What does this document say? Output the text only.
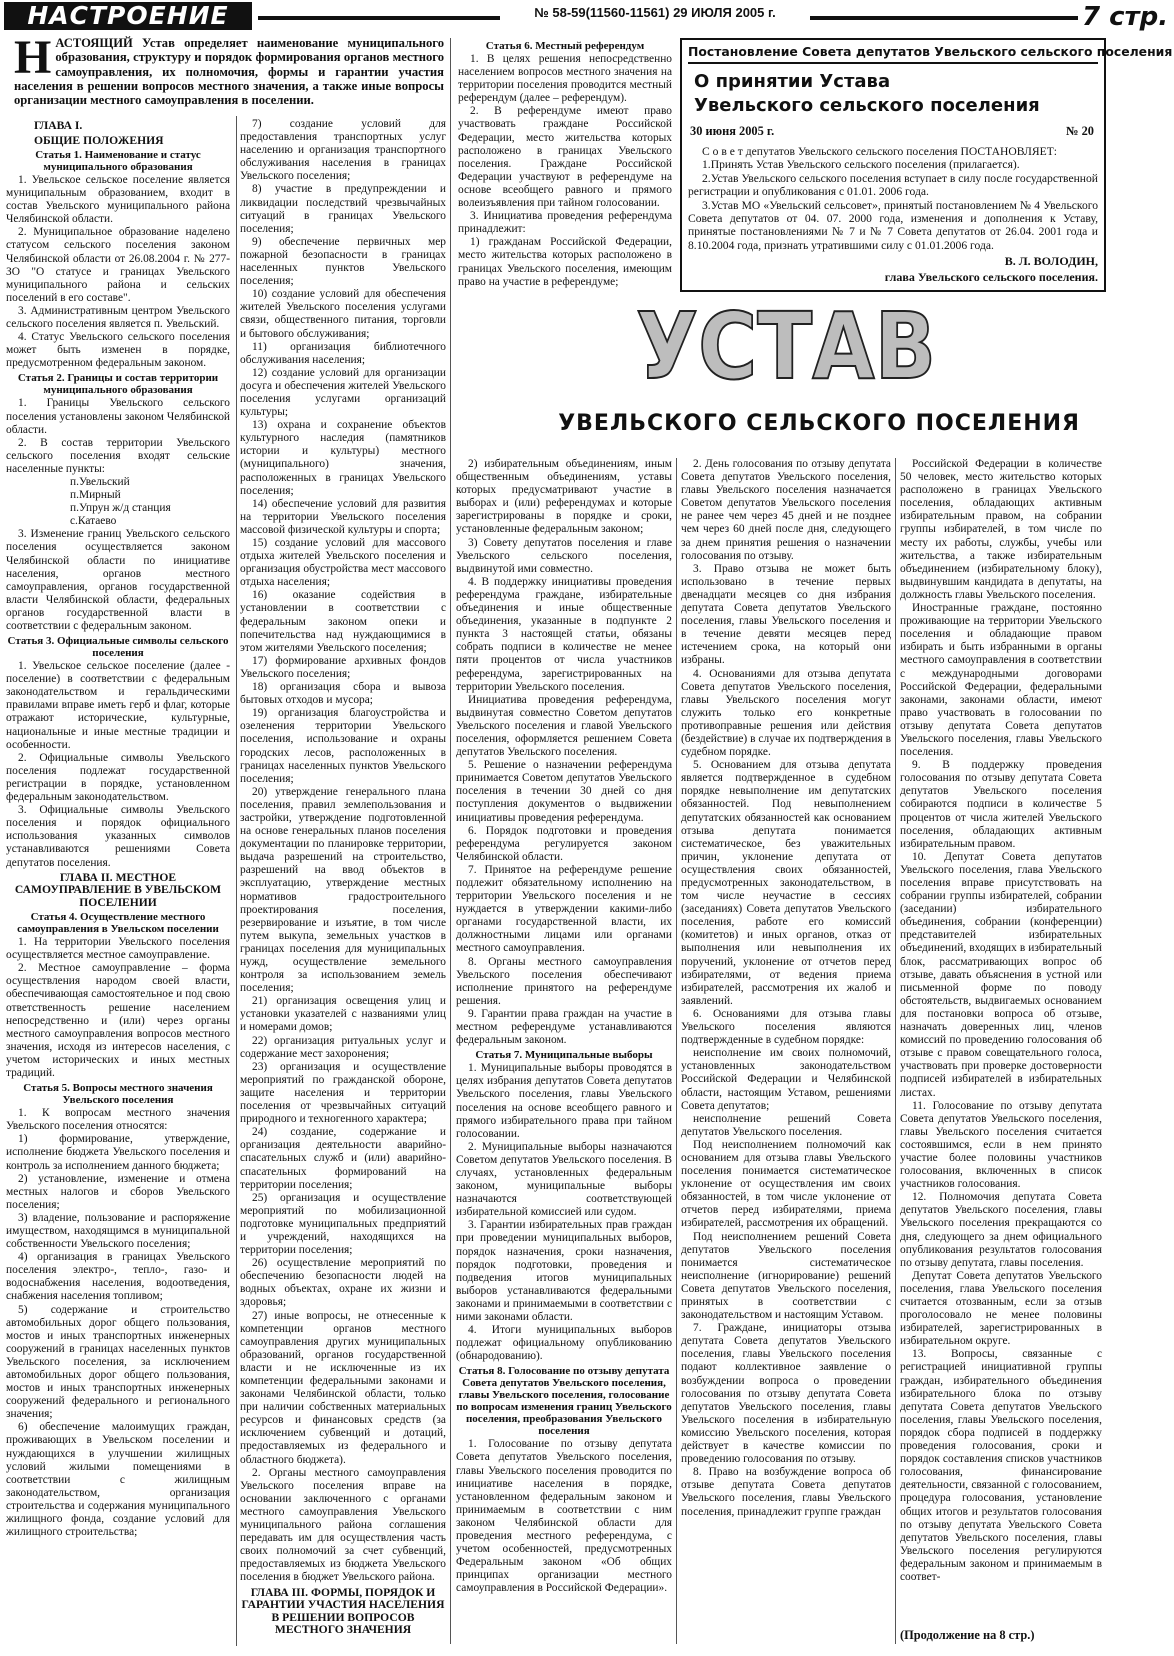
НАСТРОЕНИЕ	№ 58-59(11560-11561) 29 ИЮЛЯ 2005 г.	7 стр.
Н АСТОЯЩИЙ Устав определяет наименование муниципального образования, структуру и порядок формирования органов местного самоуправления, их полномочия, формы и гарантии участия населения в решении вопросов местного значения, а также иные вопросы организации местного самоуправления в поселении.
ГЛАВА I.
ОБЩИЕ ПОЛОЖЕНИЯ
Статья 1. Наименование и статус муниципального образования

1. Увельское сельское поселение является муниципальным образованием, входит в состав Увельского муниципального района Челябинской области.

2. Муниципальное образование наделено статусом сельского поселения законом Челябинской области от 26.08.2004 г. № 277-ЗО "О статусе и границах Увельского муниципального района и сельских поселений в его составе".

3. Административным центром Увельского сельского поселения является п. Увельский.

4. Статус Увельского сельского поселения может быть изменен в порядке, предусмотренном федеральным законом.

Статья 2. Границы и состав территории муниципального образования

1. Границы Увельского сельского поселения установлены законом Челябинской области.

2. В состав территории Увельского сельского поселения входят сельские населенные пункты:

п.Увельский

п.Мирный

п.Упрун ж/д станция

с.Катаево

3. Изменение границ Увельского сельского поселения осуществляется законом Челябинской области по инициативе населения, органов местного самоуправления, органов государственной власти Челябинской области, федеральных органов государственной власти в соответствии с федеральным законом.

Статья 3. Официальные символы сельского поселения

1. Увельское сельское поселение (далее - поселение) в соответствии с федеральным законодательством и геральдическими правилами вправе иметь герб и флаг, которые отражают исторические, культурные, национальные и иные местные традиции и особенности.

2. Официальные символы Увельского поселения подлежат государственной регистрации в порядке, установленном федеральным законодательством.

3. Официальные символы Увельского поселения и порядок официального использования указанных символов устанавливаются решениями Совета депутатов поселения.

ГЛАВА II. МЕСТНОЕ САМОУПРАВЛЕНИЕ В УВЕЛЬСКОМ ПОСЕЛЕНИИ
Статья 4. Осуществление местного самоуправления в Увельском поселении

1. На территории Увельского поселения осуществляется местное самоуправление.

2. Местное самоуправление – форма осуществления народом своей власти, обеспечивающая самостоятельное и под свою ответственность решение населением непосредственно и (или) через органы местного самоуправления вопросов местного значения, исходя из интересов населения, с учетом исторических и иных местных традиций.

Статья 5. Вопросы местного значения Увельского поселения

1. К вопросам местного значения Увельского поселения относятся:

1) формирование, утверждение, исполнение бюджета Увельского поселения и контроль за исполнением данного бюджета;

2) установление, изменение и отмена местных налогов и сборов Увельского поселения;

3) владение, пользование и распоряжение имуществом, находящимся в муниципальной собственности Увельского поселения;

4) организация в границах Увельского поселения электро-, тепло-, газо- и водоснабжения населения, водоотведения, снабжения населения топливом;

5) содержание и строительство автомобильных дорог общего пользования, мостов и иных транспортных инженерных сооружений в границах населенных пунктов Увельского поселения, за исключением автомобильных дорог общего пользования, мостов и иных транспортных инженерных сооружений федерального и регионального значения;

6) обеспечение малоимущих граждан, проживающих в Увельском поселении и нуждающихся в улучшении жилищных условий жилыми помещениями в соответствии с жилищным законодательством, организация строительства и содержания муниципального жилищного фонда, создание условий для жилищного строительства;

7) создание условий для предоставления транспортных услуг населению и организация транспортного обслуживания населения в границах Увельского поселения;

8) участие в предупреждении и ликвидации последствий чрезвычайных ситуаций в границах Увельского поселения;

9) обеспечение первичных мер пожарной безопасности в границах населенных пунктов Увельского поселения;

10) создание условий для обеспечения жителей Увельского поселения услугами связи, общественного питания, торговли и бытового обслуживания;

11) организация библиотечного обслуживания населения;

12) создание условий для организации досуга и обеспечения жителей Увельского поселения услугами организаций культуры;

13) охрана и сохранение объектов культурного наследия (памятников истории и культуры) местного (муниципального) значения, расположенных в границах Увельского поселения;

14) обеспечение условий для развития на территории Увельского поселения массовой физической культуры и спорта;

15) создание условий для массового отдыха жителей Увельского поселения и организация обустройства мест массового отдыха населения;

16) оказание содействия в установлении в соответствии с федеральным законом опеки и попечительства над нуждающимися в этом жителями Увельского поселения;

17) формирование архивных фондов Увельского поселения;

18) организация сбора и вывоза бытовых отходов и мусора;

19) организация благоустройства и озеленения территории Увельского поселения, использование и охраны городских лесов, расположенных в границах населенных пунктов Увельского поселения;

20) утверждение генерального плана поселения, правил землепользования и застройки, утверждение подготовленной на основе генеральных планов поселения документации по планировке территории, выдача разрешений на строительство, разрешений на ввод объектов в эксплуатацию, утверждение местных нормативов градостроительного проектирования поселения, резервирование и изъятие, в том числе путем выкупа, земельных участков в границах поселения для муниципальных нужд, осуществление земельного контроля за использованием земель поселения;

21) организация освещения улиц и установки указателей с названиями улиц и номерами домов;

22) организация ритуальных услуг и содержание мест захоронения;

23) организация и осуществление мероприятий по гражданской обороне, защите населения и территории поселения от чрезвычайных ситуаций природного и техногенного характера;

24) создание, содержание и организация деятельности аварийно-спасательных служб и (или) аварийно-спасательных формирований на территории поселения;

25) организация и осуществление мероприятий по мобилизационной подготовке муниципальных предприятий и учреждений, находящихся на территории поселения;

26) осуществление мероприятий по обеспечению безопасности людей на водных объектах, охране их жизни и здоровья;

27) иные вопросы, не отнесенные к компетенции органов местного самоуправления других муниципальных образований, органов государственной власти и не исключенные из их компетенции федеральными законами и законами Челябинской области, только при наличии собственных материальных ресурсов и финансовых средств (за исключением субвенций и дотаций, предоставляемых из федерального и областного бюджета).

2. Органы местного самоуправления Увельского поселения вправе на основании заключенного с органами местного самоуправления Увельского муниципального района соглашения передавать им для осуществления часть своих полномочий за счет субвенций, предоставляемых из бюджета Увельского поселения в бюджет Увельского района.

ГЛАВА III. ФОРМЫ, ПОРЯДОК И ГАРАНТИИ УЧАСТИЯ НАСЕЛЕНИЯ В РЕШЕНИИ ВОПРОСОВ МЕСТНОГО ЗНАЧЕНИЯ
Статья 6. Местный референдум

1. В целях решения непосредственно населением вопросов местного значения на территории поселения проводится местный референдум (далее – референдум).

2. В референдуме имеют право участвовать граждане Российской Федерации, место жительства которых расположено в границах Увельского поселения. Граждане Российской Федерации участвуют в референдуме на основе всеобщего равного и прямого волеизъявления при тайном голосовании.

3. Инициатива проведения референдума принадлежит:

1) гражданам Российской Федерации, место жительства которых расположено в границах Увельского поселения, имеющим право на участие в референдуме;

Постановление Совета депутатов Увельского сельского поселения
О принятии Устава
Увельского сельского поселения
30 июня 2005 г.	№ 20

С о в е т депутатов Увельского сельского поселения ПОСТАНОВЛЯЕТ:

1.Принять Устав Увельского сельского поселения (прилагается).

2.Устав Увельского сельского поселения вступает в силу после государственной регистрации и опубликования с 01.01. 2006 года.

3.Устав МО «Увельский сельсовет», принятый постановлением № 4 Увельского Совета депутатов от 04. 07. 2000 года, изменения и дополнения к Уставу, принятые постановлениями № 7 и № 7 Совета депутатов от 26.04. 2001 года и 8.10.2004 года, признать утратившими силу с 01.01.2006 года.

В. Л. ВОЛОДИН,
глава Увельского сельского поселения.
УСТАВ
УВЕЛЬСКОГО СЕЛЬСКОГО ПОСЕЛЕНИЯ

2) избирательным объединениям, иным общественным объединениям, уставы которых предусматривают участие в выборах и (или) референдумах и которые зарегистрированы в порядке и сроки, установленные федеральным законом;

3) Совету депутатов поселения и главе Увельского сельского поселения, выдвинутой ими совместно.

4. В поддержку инициативы проведения референдума граждане, избирательные объединения и иные общественные объединения, указанные в подпункте 2 пункта 3 настоящей статьи, обязаны собрать подписи в количестве не менее пяти процентов от числа участников референдума, зарегистрированных на территории Увельского поселения.

Инициатива проведения референдума, выдвинутая совместно Советом депутатов Увельского поселения и главой Увельского поселения, оформляется решением Совета депутатов Увельского поселения.

5. Решение о назначении референдума принимается Советом депутатов Увельского поселения в течении 30 дней со дня поступления документов о выдвижении инициативы проведения референдума.

6. Порядок подготовки и проведения референдума регулируется законом Челябинской области.

7. Принятое на референдуме решение подлежит обязательному исполнению на территории Увельского поселения и не нуждается в утверждении какими-либо органами государственной власти, их должностными лицами или органами местного самоуправления.

8. Органы местного самоуправления Увельского поселения обеспечивают исполнение принятого на референдуме решения.

9. Гарантии права граждан на участие в местном референдуме устанавливаются федеральным законом.

Статья 7. Муниципальные выборы

1. Муниципальные выборы проводятся в целях избрания депутатов Совета депутатов Увельского поселения, главы Увельского поселения на основе всеобщего равного и прямого избирательного права при тайном голосовании.

2. Муниципальные выборы назначаются Советом депутатов Увельского поселения. В случаях, установленных федеральным законом, муниципальные выборы назначаются соответствующей избирательной комиссией или судом.

3. Гарантии избирательных прав граждан при проведении муниципальных выборов, порядок назначения, сроки назначения, порядок подготовки, проведения и подведения итогов муниципальных выборов устанавливаются федеральными законами и принимаемыми в соответствии с ними законами области.

4. Итоги муниципальных выборов подлежат официальному опубликованию (обнародованию).

Статья 8. Голосование по отзыву депутата Совета депутатов Увельского поселения, главы Увельского поселения, голосование по вопросам изменения границ Увельского поселения, преобразования Увельского поселения

1. Голосование по отзыву депутата Совета депутатов Увельского поселения, главы Увельского поселения проводится по инициативе населения в порядке, установленном федеральным законом и принимаемым в соответствии с ним законом Челябинской области для проведения местного референдума, с учетом особенностей, предусмотренных Федеральным законом «Об общих принципах организации местного самоуправления в Российской Федерации».

2. День голосования по отзыву депутата Совета депутатов Увельского поселения, главы Увельского поселения назначается Советом депутатов Увельского поселения не ранее чем через 45 дней и не позднее чем через 60 дней после дня, следующего за днем принятия решения о назначении голосования по отзыву.

3. Право отзыва не может быть использовано в течение первых двенадцати месяцев со дня избрания депутата Совета депутатов Увельского поселения, главы Увельского поселения и в течение девяти месяцев перед истечением срока, на который они избраны.

4. Основаниями для отзыва депутата Совета депутатов Увельского поселения, главы Увельского поселения могут служить только его конкретные противоправные решения или действия (бездействие) в случае их подтверждения в судебном порядке.

5. Основанием для отзыва депутата является подтвержденное в судебном порядке невыполнение им депутатских обязанностей. Под невыполнением депутатских обязанностей как основанием отзыва депутата понимается систематическое, без уважительных причин, уклонение депутата от осуществления своих обязанностей, предусмотренных законодательством, в том числе неучастие в сессиях (заседаниях) Совета депутатов Увельского поселения, работе его комиссий (комитетов) и иных органов, отказ от выполнения или невыполнения их поручений, уклонение от отчетов перед избирателями, от ведения приема избирателей, рассмотрения их жалоб и заявлений.

6. Основаниями для отзыва главы Увельского поселения являются подтвержденные в судебном порядке:

неисполнение им своих полномочий, установленных законодательством Российской Федерации и Челябинской области, настоящим Уставом, решениями Совета депутатов;

неисполнение решений Совета депутатов Увельского поселения.

Под неисполнением полномочий как основанием для отзыва главы Увельского поселения понимается систематическое уклонение от осуществления им своих обязанностей, в том числе уклонение от отчетов перед избирателями, приема избирателей, рассмотрения их обращений.

Под неисполнением решений Совета депутатов Увельского поселения понимается систематическое неисполнение (игнорирование) решений Совета депутатов Увельского поселения, принятых в соответствии с законодательством и настоящим Уставом.

7. Граждане, инициаторы отзыва депутата Совета депутатов Увельского поселения, главы Увельского поселения подают коллективное заявление о возбуждении вопроса о проведении голосования по отзыву депутата Совета депутатов Увельского поселения, главы Увельского поселения в избирательную комиссию Увельского поселения, которая действует в качестве комиссии по проведению голосования по отзыву.

8. Право на возбуждение вопроса об отзыве депутата Совета депутатов Увельского поселения, главы Увельского поселения, принадлежит группе граждан

Российской Федерации в количестве 50 человек, место жительство которых расположено в границах Увельского поселения, обладающих активным избирательным правом, на собрании группы избирателей, в том числе по месту их работы, службы, учебы или жительства, а также избирательным объединением (избирательному блоку), выдвинувшим кандидата в депутаты, на должность главы Увельского поселения.

Иностранные граждане, постоянно проживающие на территории Увельского поселения и обладающие правом избирать и быть избранными в органы местного самоуправления в соответствии с международными договорами Российской Федерации, федеральными законами, законами области, имеют право участвовать в голосовании по отзыву депутата Совета депутатов Увельского поселения, главы Увельского поселения.

9. В поддержку проведения голосования по отзыву депутата Совета депутатов Увельского поселения собираются подписи в количестве 5 процентов от числа жителей Увельского поселения, обладающих активным избирательным правом.

10. Депутат Совета депутатов Увельского поселения, глава Увельского поселения вправе присутствовать на собрании группы избирателей, собрании (заседании) избирательного объединения, собрании (конференции) представителей избирательных объединений, входящих в избирательный блок, рассматривающих вопрос об отзыве, давать объяснения в устной или письменной форме по поводу обстоятельств, выдвигаемых основанием для постановки вопроса об отзыве, назначать доверенных лиц, членов комиссий по проведению голосования об отзыве с правом совещательного голоса, участвовать при проверке достоверности подписей избирателей в избирательных листах.

11. Голосование по отзыву депутата Совета депутатов Увельского поселения, главы Увельского поселения считается состоявшимся, если в нем принято участие более половины участников голосования, включенных в список участников голосования.

12. Полномочия депутата Совета депутатов Увельского поселения, главы Увельского поселения прекращаются со дня, следующего за днем официального опубликования результатов голосования по отзыву депутата, главы поселения.

Депутат Совета депутатов Увельского поселения, глава Увельского поселения считается отозванным, если за отзыв проголосовало не менее половины избирателей, зарегистрированных в избирательном округе.

13. Вопросы, связанные с регистрацией инициативной группы граждан, избирательного объединения избирательного блока по отзыву депутата Совета депутатов Увельского поселения, главы Увельского поселения, порядок сбора подписей в поддержку проведения голосования, сроки и порядок составления списков участников голосования, финансирование деятельности, связанной с голосованием, процедура голосования, установление общих итогов и результатов голосования по отзыву депутата Увельского Совета депутатов Увельского поселения, главы Увельского поселения регулируются федеральным законом и принимаемым в соответ-

(Продолжение на 8 стр.)
